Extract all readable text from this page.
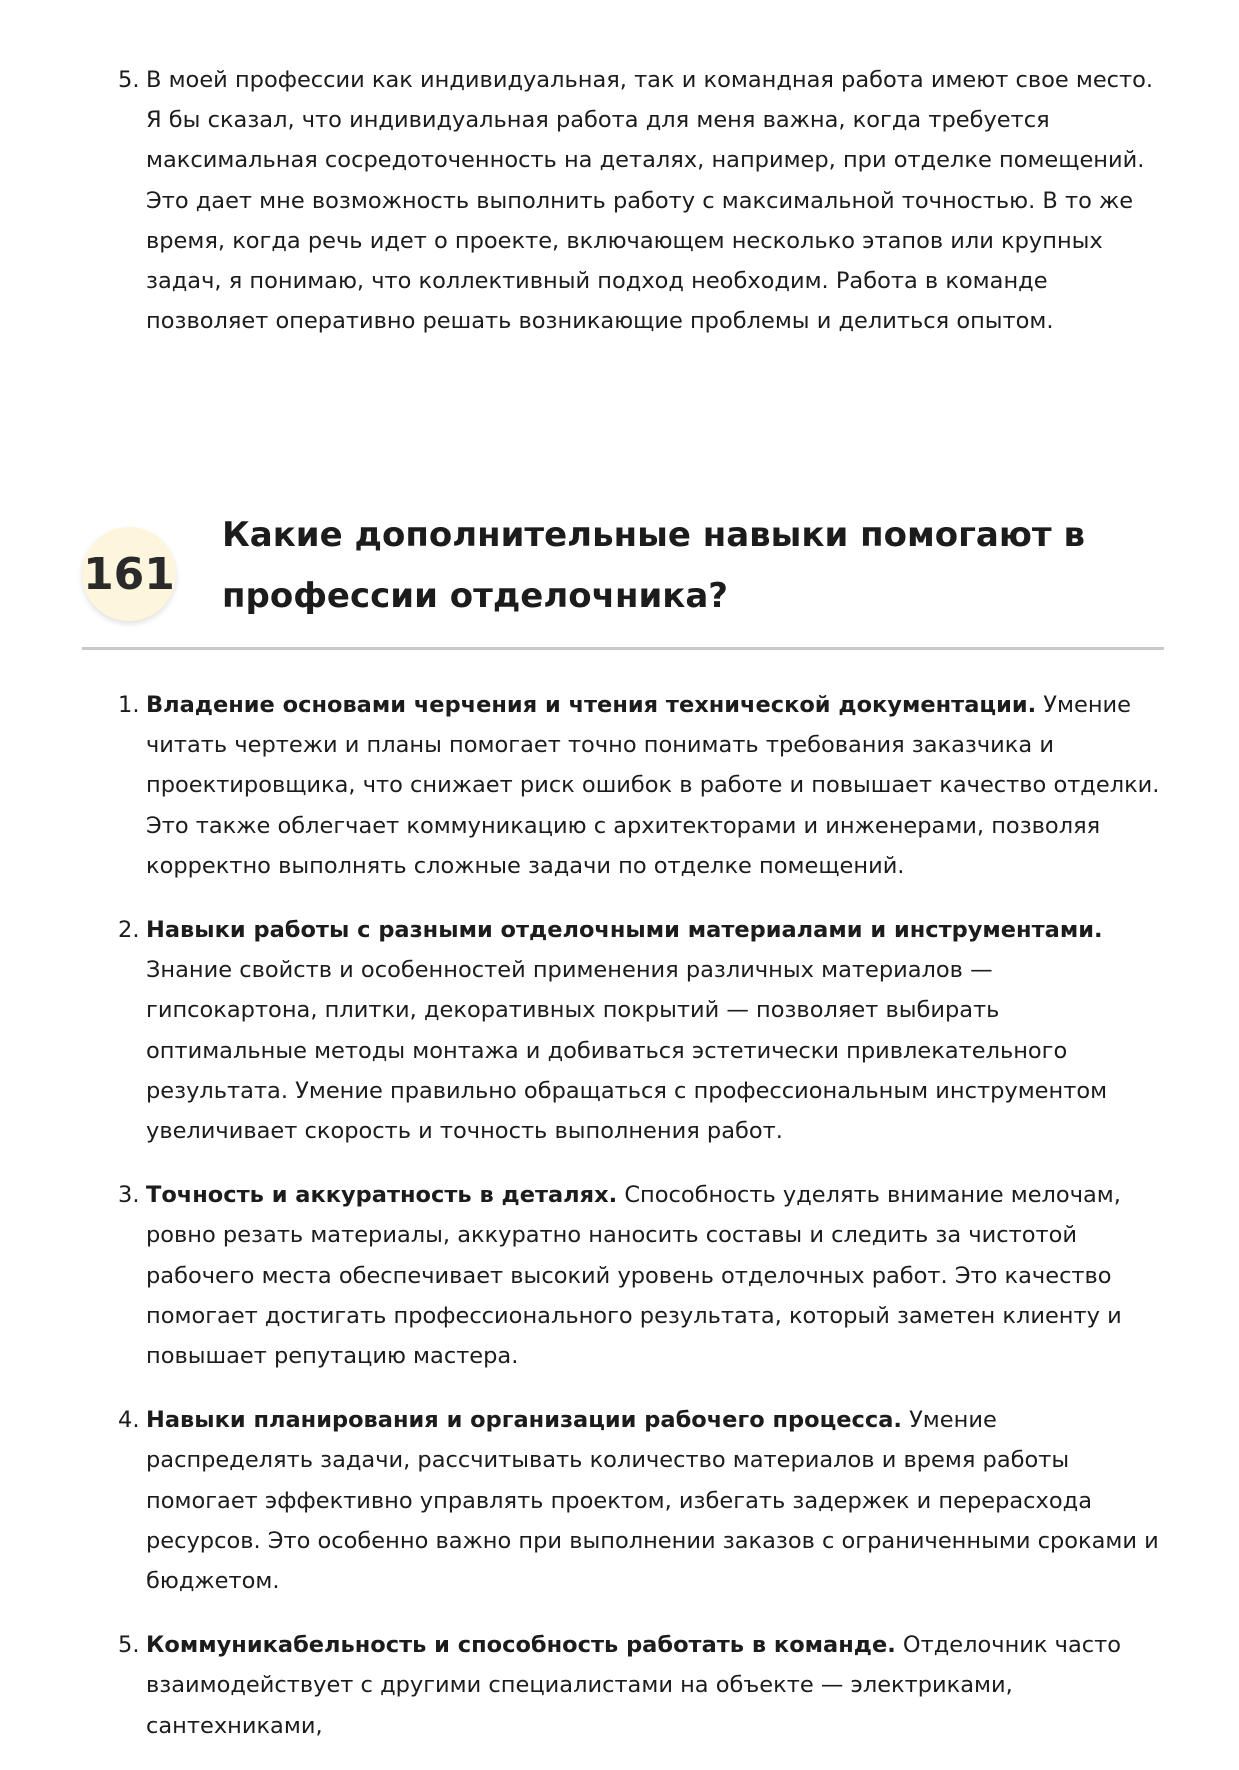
5. В моей профессии как индивидуальная, так и командная работа имеют свое место. Я бы сказал, что индивидуальная работа для меня важна, когда требуется максимальная сосредоточенность на деталях, например, при отделке помещений. Это дает мне возможность выполнить работу с максимальной точностью. В то же время, когда речь идет о проекте, включающем несколько этапов или крупных задач, я понимаю, что коллективный подход необходим. Работа в команде позволяет оперативно решать возникающие проблемы и делиться опытом.
161
Какие дополнительные навыки помогают в профессии отделочника?
1. Владение основами черчения и чтения технической документации. Умение читать чертежи и планы помогает точно понимать требования заказчика и проектировщика, что снижает риск ошибок в работе и повышает качество отделки. Это также облегчает коммуникацию с архитекторами и инженерами, позволяя корректно выполнять сложные задачи по отделке помещений.
2. Навыки работы с разными отделочными материалами и инструментами. Знание свойств и особенностей применения различных материалов — гипсокартона, плитки, декоративных покрытий — позволяет выбирать оптимальные методы монтажа и добиваться эстетически привлекательного результата. Умение правильно обращаться с профессиональным инструментом увеличивает скорость и точность выполнения работ.
3. Точность и аккуратность в деталях. Способность уделять внимание мелочам, ровно резать материалы, аккуратно наносить составы и следить за чистотой рабочего места обеспечивает высокий уровень отделочных работ. Это качество помогает достигать профессионального результата, который заметен клиенту и повышает репутацию мастера.
4. Навыки планирования и организации рабочего процесса. Умение распределять задачи, рассчитывать количество материалов и время работы помогает эффективно управлять проектом, избегать задержек и перерасхода ресурсов. Это особенно важно при выполнении заказов с ограниченными сроками и бюджетом.
5. Коммуникабельность и способность работать в команде. Отделочник часто взаимодействует с другими специалистами на объекте — электриками, сантехниками,
